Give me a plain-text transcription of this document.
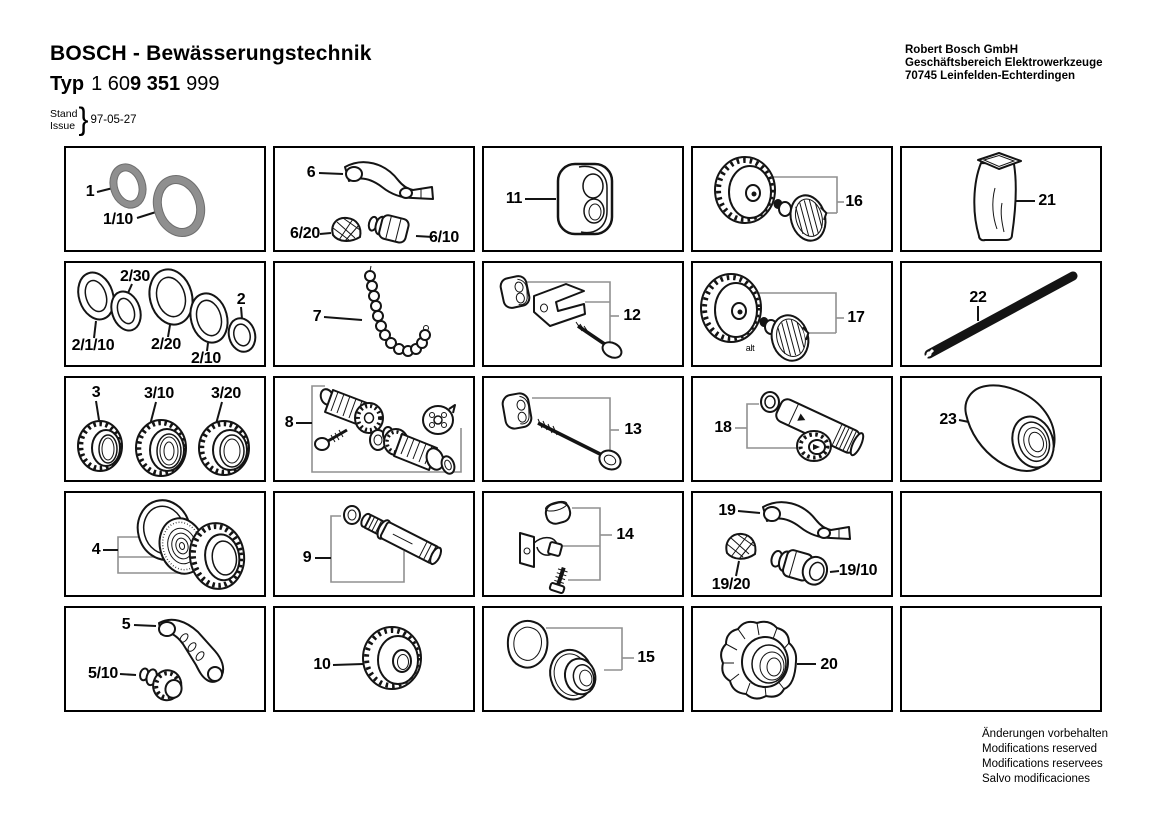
BOSCH - Bewässerungstechnik
Typ 1 609 351 999
Stand
Issue } 97-05-27
Robert Bosch GmbH
Geschäftsbereich Elektrowerkzeuge
70745 Leinfelden-Echterdingen
1
1/10
6
6/20	6/10
11	16	21
2/30
2
2/1/10 2/20
2/10
7	12	17
alt
22
3	3/10 3/20
8	13	18	23
4	9
14
19
19/20
19/10
5
5/10
10	15	20
Änderungen vorbehalten
Modifications reserved
Modifications reservees
Salvo modificaciones
